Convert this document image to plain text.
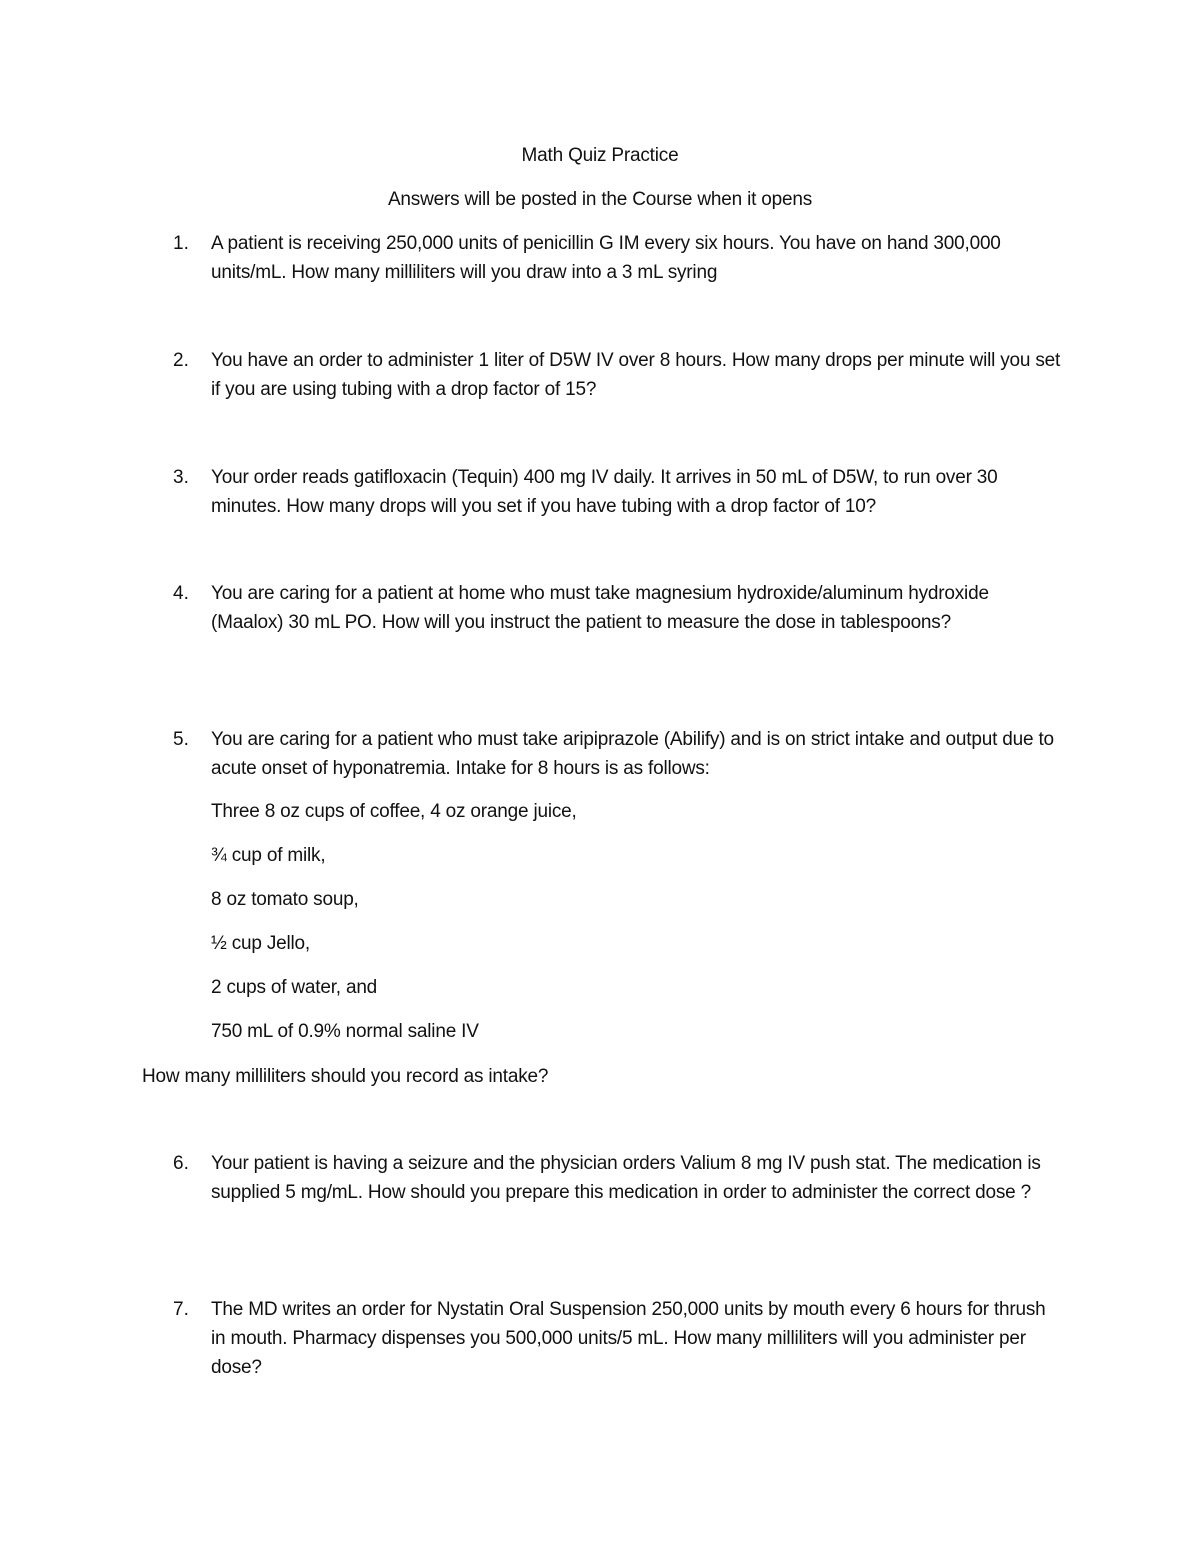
Math Quiz Practice
Answers will be posted in the Course when it opens
1. A patient is receiving 250,000 units of penicillin G IM every six hours. You have on hand 300,000 units/mL. How many milliliters will you draw into a 3 mL syring
2. You have an order to administer 1 liter of D5W IV over 8 hours. How many drops per minute will you set if you are using tubing with a drop factor of 15?
3. Your order reads gatifloxacin (Tequin) 400 mg IV daily. It arrives in 50 mL of D5W, to run over 30 minutes. How many drops will you set if you have tubing with a drop factor of 10?
4. You are caring for a patient at home who must take magnesium hydroxide/aluminum hydroxide (Maalox) 30 mL PO. How will you instruct the patient to measure the dose in tablespoons?
5. You are caring for a patient who must take aripiprazole (Abilify) and is on strict intake and output due to acute onset of hyponatremia. Intake for 8 hours is as follows:
Three 8 oz cups of coffee, 4 oz orange juice,
¾ cup of milk,
8 oz tomato soup,
½ cup Jello,
2 cups of water, and
750 mL of 0.9% normal saline IV
How many milliliters should you record as intake?
6. Your patient is having a seizure and the physician orders Valium 8 mg IV push stat. The medication is supplied 5 mg/mL. How should you prepare this medication in order to administer the correct dose ?
7. The MD writes an order for Nystatin Oral Suspension 250,000 units by mouth every 6 hours for thrush in mouth. Pharmacy dispenses you 500,000 units/5 mL. How many milliliters will you administer per dose?
